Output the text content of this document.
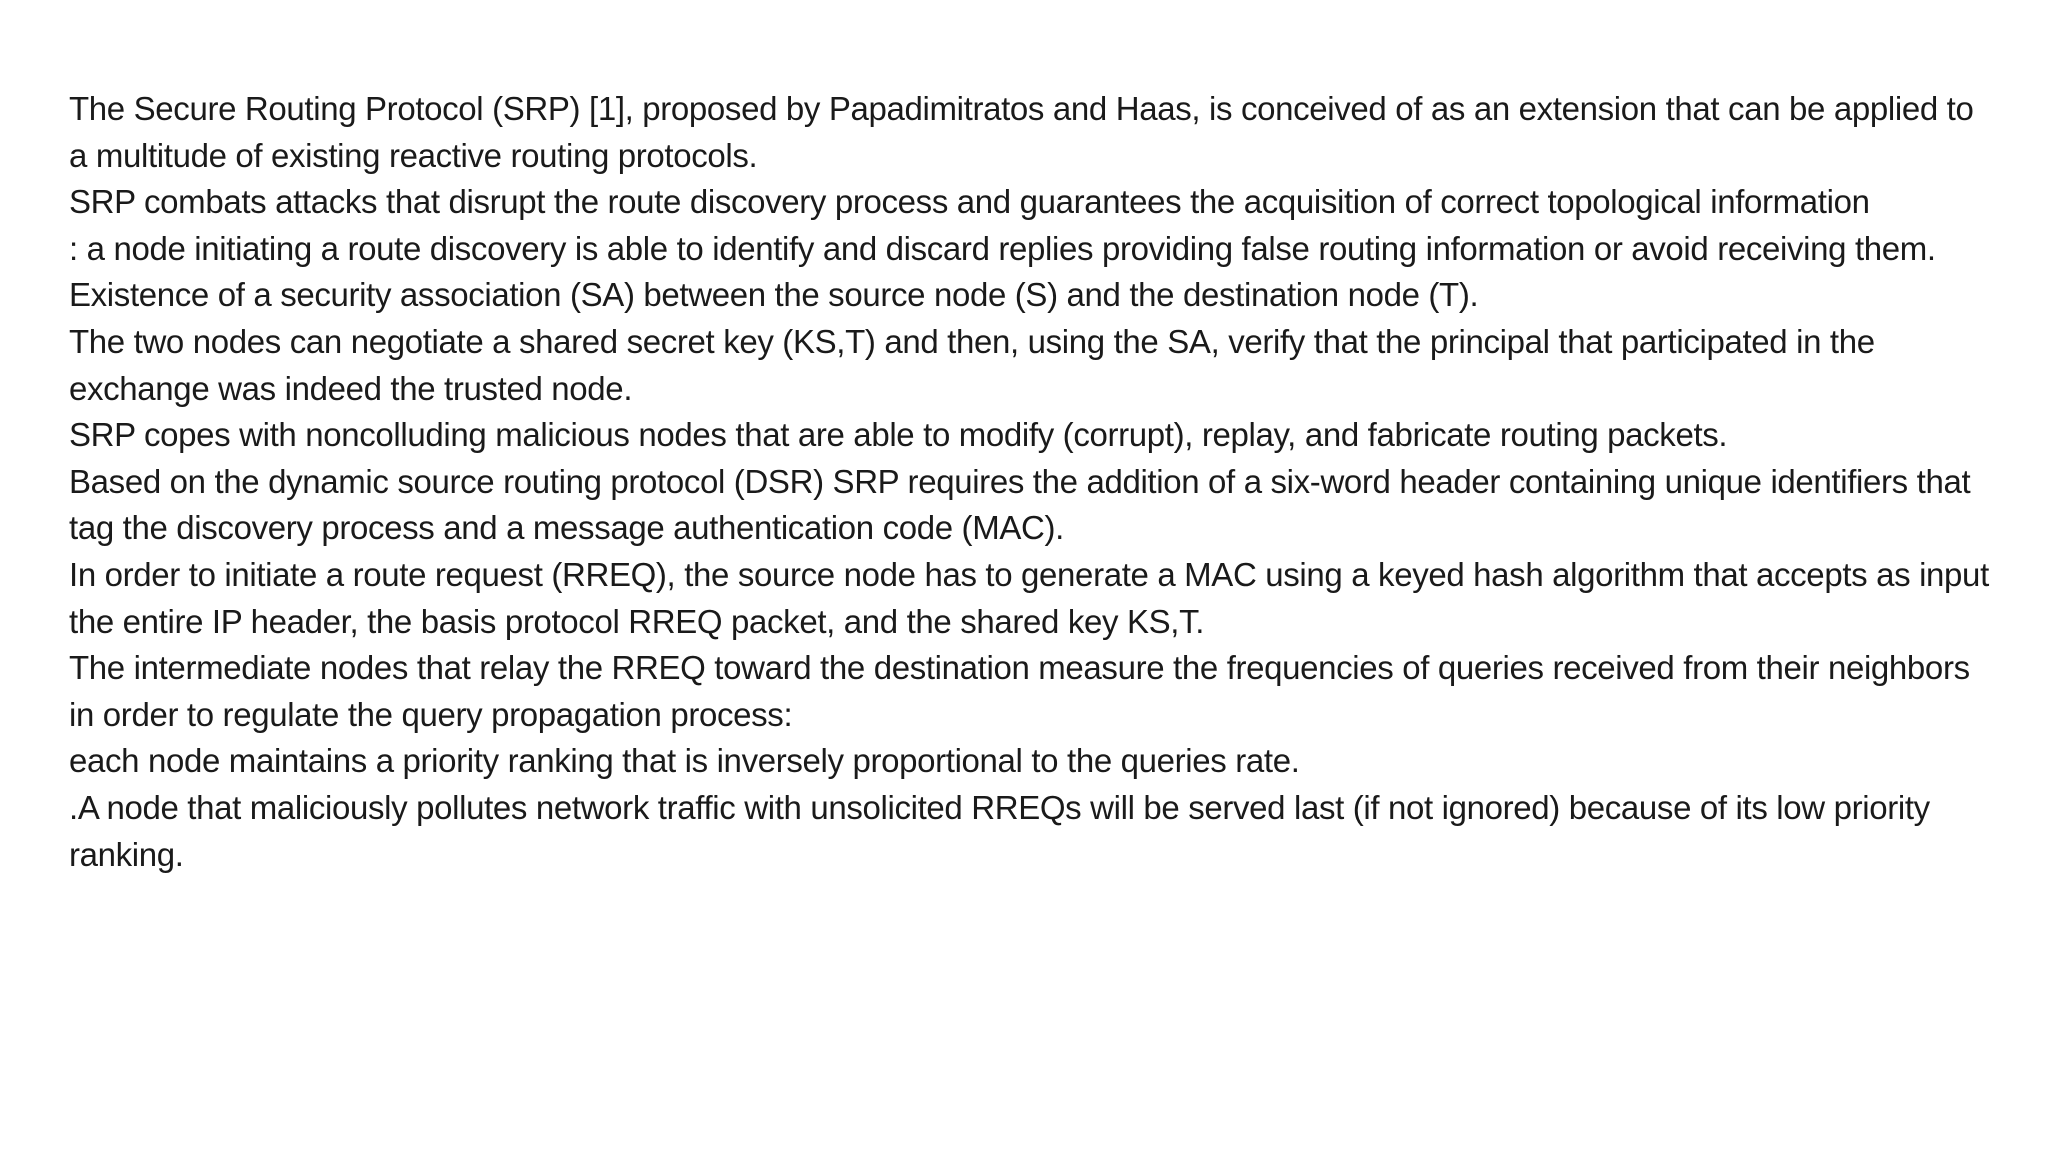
The Secure Routing Protocol (SRP) [1], proposed by Papadimitratos and Haas, is conceived of as an extension that can be applied to a multitude of existing reactive routing protocols.

SRP combats attacks that disrupt the route discovery process and guarantees the acquisition of correct topological information

: a node initiating a route discovery is able to identify and discard replies providing false routing information or avoid receiving them.

Existence of a security association (SA) between the source node (S) and the destination node (T).

The two nodes can negotiate a shared secret key (KS,T) and then, using the SA, verify that the principal that participated in the exchange was indeed the trusted node.

SRP copes with noncolluding malicious nodes that are able to modify (corrupt), replay, and fabricate routing packets.

Based on the dynamic source routing protocol (DSR) SRP requires the addition of a six-word header containing unique identifiers that tag the discovery process and a message authentication code (MAC).

In order to initiate a route request (RREQ), the source node has to generate a MAC using a keyed hash algorithm that accepts as input the entire IP header, the basis protocol RREQ packet, and the shared key KS,T.

The intermediate nodes that relay the RREQ toward the destination measure the frequencies of queries received from their neighbors in order to regulate the query propagation process:

each node maintains a priority ranking that is inversely proportional to the queries rate.

.A node that maliciously pollutes network traffic with unsolicited RREQs will be served last (if not ignored) because of its low priority ranking.
